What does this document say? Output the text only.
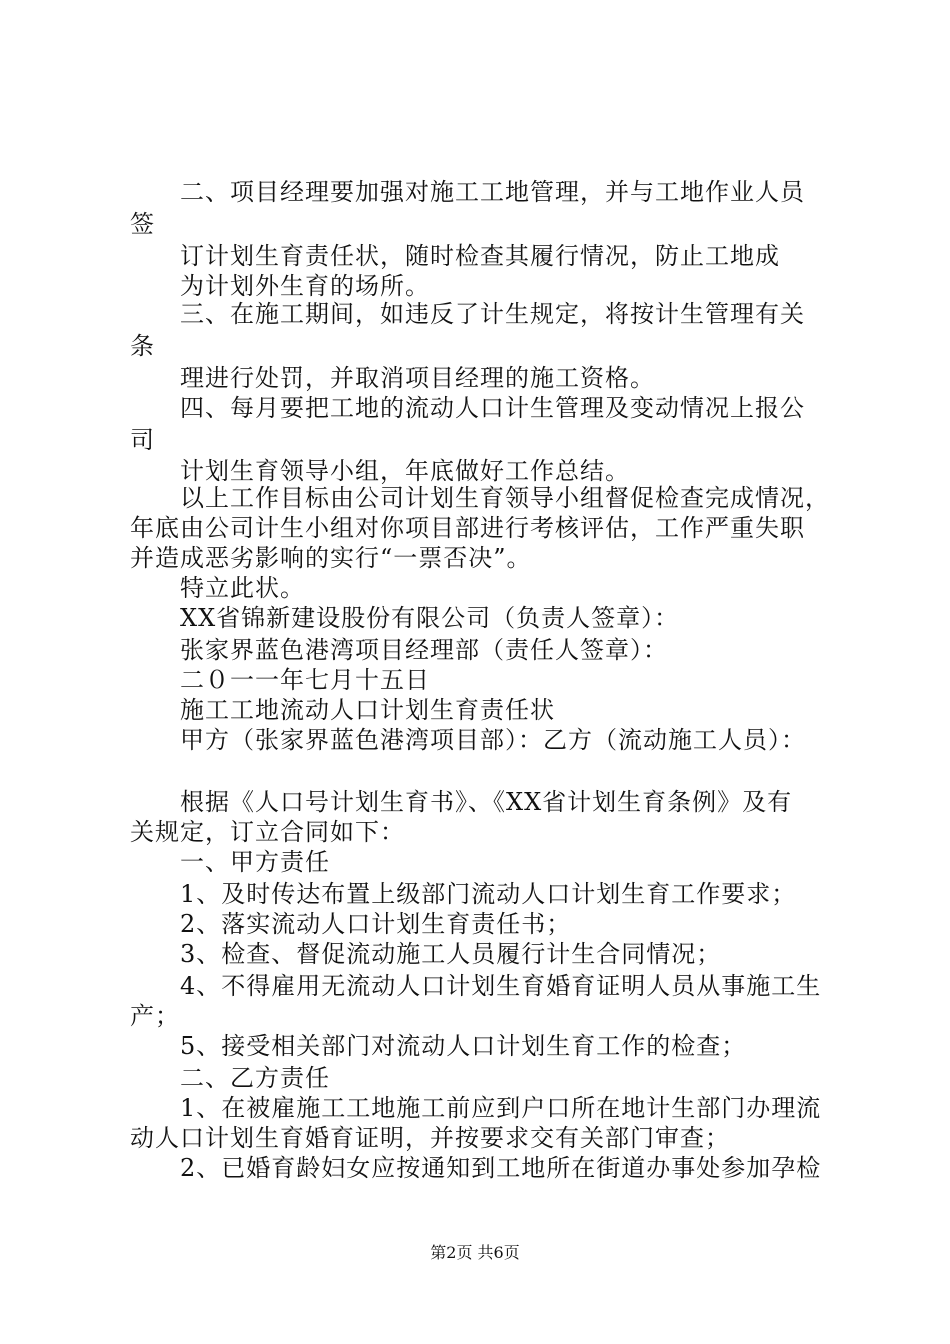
二、项目经理要加强对施工工地管理，并与工地作业人员
签
订计划生育责任状，随时检查其履行情况，防止工地成
为计划外生育的场所。
三、在施工期间，如违反了计生规定，将按计生管理有关
条
理进行处罚，并取消项目经理的施工资格。
四、每月要把工地的流动人口计生管理及变动情况上报公
司
计划生育领导小组，年底做好工作总结。
以上工作目标由公司计划生育领导小组督促检查完成情况，
年底由公司计生小组对你项目部进行考核评估，工作严重失职
并造成恶劣影响的实行“一票否决”。
特立此状。
XX省锦新建设股份有限公司（负责人签章）：
张家界蓝色港湾项目经理部（责任人签章）：
二０一一年七月十五日
施工工地流动人口计划生育责任状
甲方（张家界蓝色港湾项目部）：乙方（流动施工人员）：
根据《人口号计划生育书》、《XX省计划生育条例》及有
关规定，订立合同如下：
一、甲方责任
1、及时传达布置上级部门流动人口计划生育工作要求；
2、落实流动人口计划生育责任书；
3、检查、督促流动施工人员履行计生合同情况；
4、不得雇用无流动人口计划生育婚育证明人员从事施工生
产；
5、接受相关部门对流动人口计划生育工作的检查；
二、乙方责任
1、在被雇施工工地施工前应到户口所在地计生部门办理流
动人口计划生育婚育证明，并按要求交有关部门审查；
2、已婚育龄妇女应按通知到工地所在街道办事处参加孕检
第2页 共6页
